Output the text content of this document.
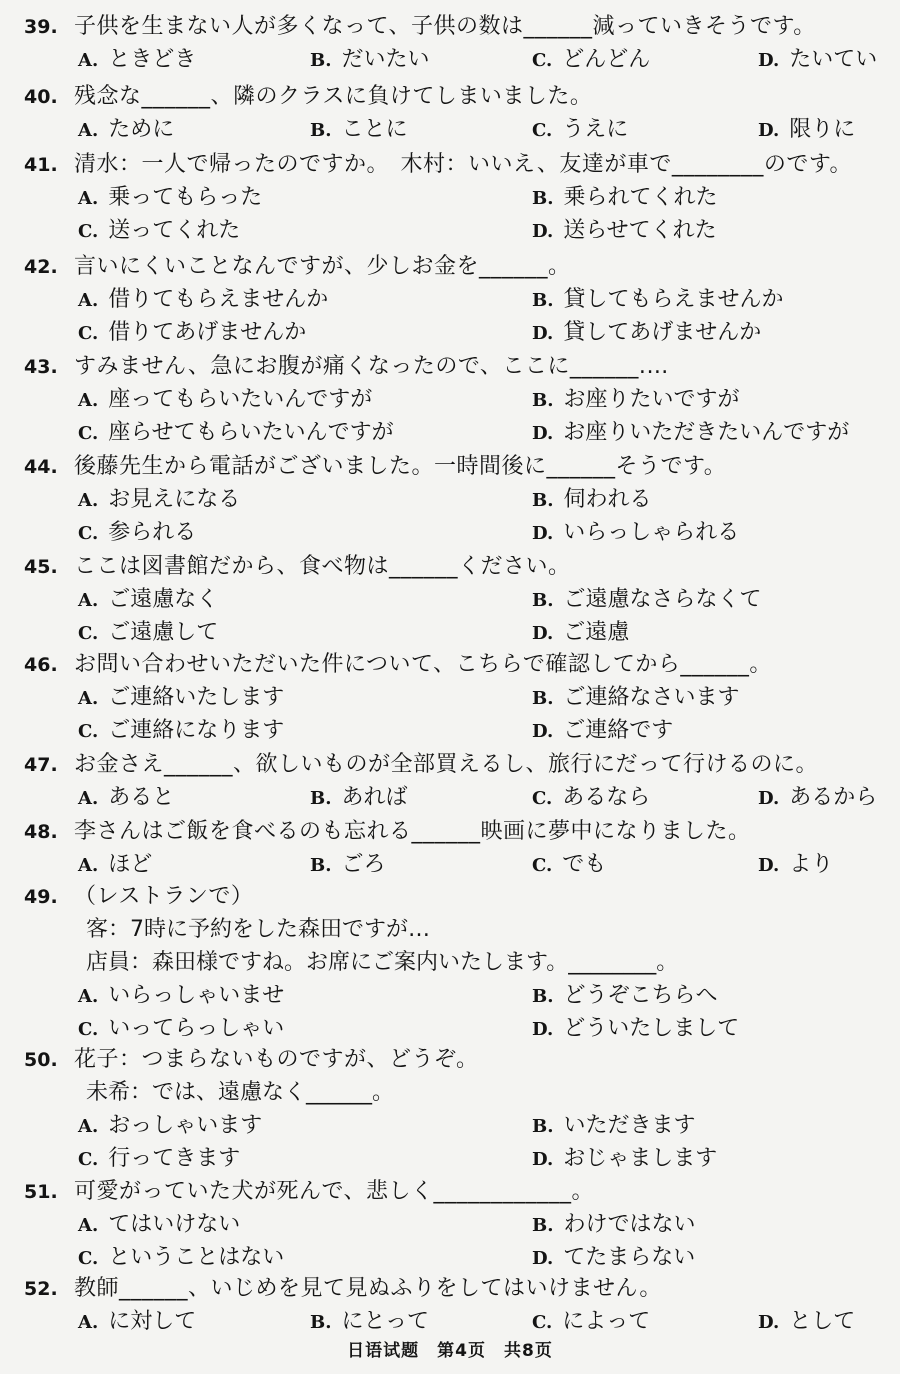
39. 子供を生まない人が多くなって、子供の数は______減っていきそうです。
A. ときどき	B. だいたい	C. どんどん	D. たいてい
40. 残念な______、隣のクラスに負けてしまいました。
A. ために	B. ことに	C. うえに	D. 限りに
41. 清水：一人で帰ったのですか。　木村：いいえ、友達が車で________のです。
A. 乗ってもらった	B. 乗られてくれた
C. 送ってくれた	D. 送らせてくれた
42. 言いにくいことなんですが、少しお金を______。
A. 借りてもらえませんか	B. 貸してもらえませんか
C. 借りてあげませんか	D. 貸してあげませんか
43. すみません、急にお腹が痛くなったので、ここに______.…
A. 座ってもらいたいんですが	B. お座りたいですが
C. 座らせてもらいたいんですが	D. お座りいただきたいんですが
44. 後藤先生から電話がございました。一時間後に______そうです。
A. お見えになる	B. 伺われる
C. 参られる	D. いらっしゃられる
45. ここは図書館だから、食べ物は______ください。
A. ご遠慮なく	B. ご遠慮なさらなくて
C. ご遠慮して	D. ご遠慮
46. お問い合わせいただいた件について、こちらで確認してから______。
A. ご連絡いたします	B. ご連絡なさいます
C. ご連絡になります	D. ご連絡です
47. お金さえ______、欲しいものが全部買えるし、旅行にだって行けるのに。
A. あると	B. あれば	C. あるなら	D. あるから
48. 李さんはご飯を食べるのも忘れる______映画に夢中になりました。
A. ほど	B. ごろ	C. でも	D. より
49. （レストランで）
客：7時に予約をした森田ですが…
店員：森田様ですね。お席にご案内いたします。________。
A. いらっしゃいませ	B. どうぞこちらへ
C. いってらっしゃい	D. どういたしまして
50. 花子：つまらないものですが、どうぞ。
未希：では、遠慮なく______。
A. おっしゃいます	B. いただきます
C. 行ってきます	D. おじゃまします
51. 可愛がっていた犬が死んで、悲しく____________。
A. てはいけない	B. わけではない
C. ということはない	D. てたまらない
52. 教師______、いじめを見て見ぬふりをしてはいけません。
A. に対して	B. にとって	C. によって	D. として
日语试题　第4页　共8页
